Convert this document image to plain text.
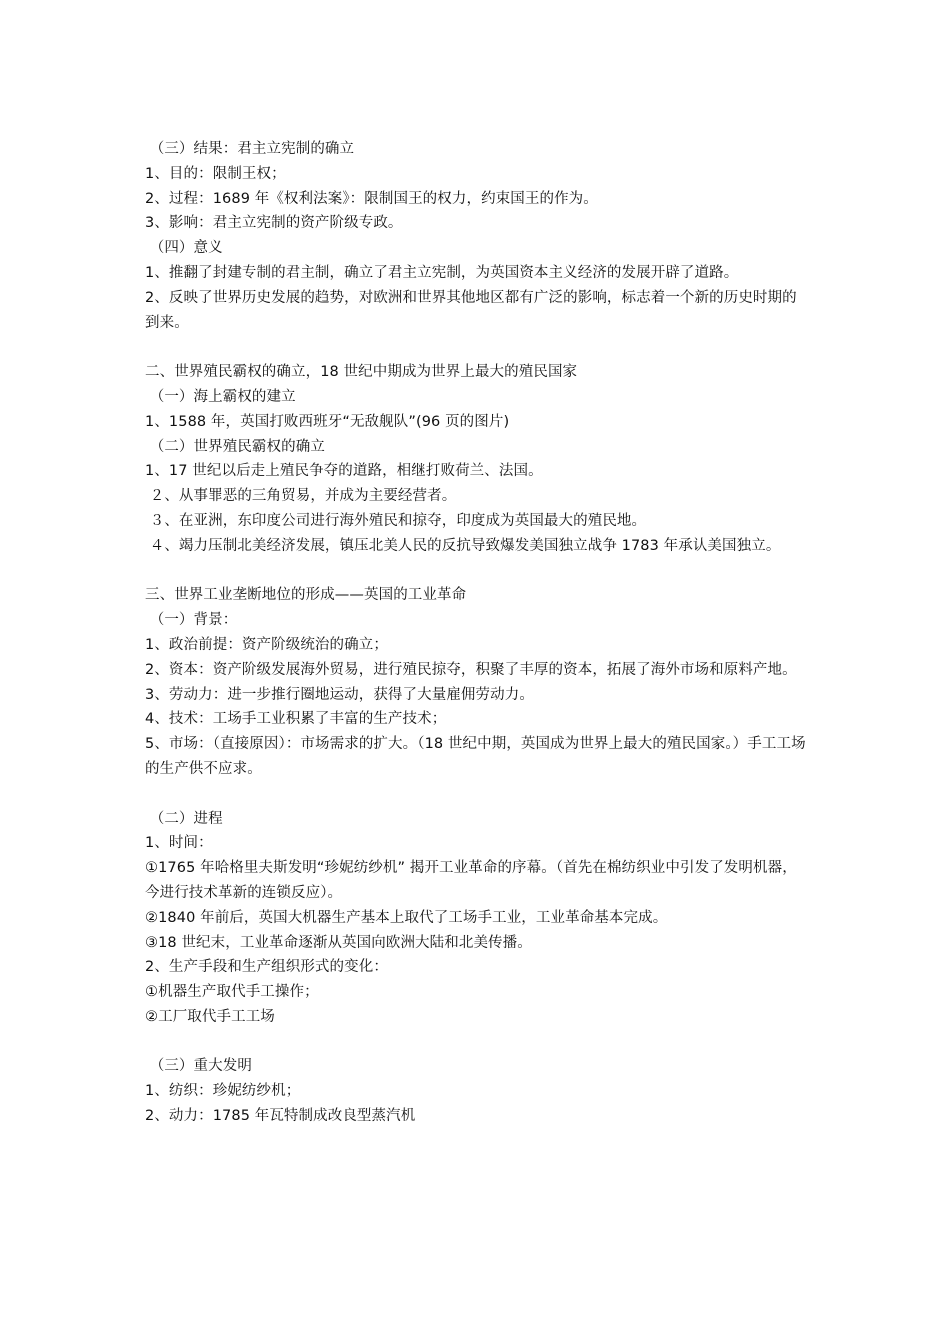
（三）结果：君主立宪制的确立
1、目的：限制王权；
2、过程：1689 年《权利法案》：限制国王的权力，约束国王的作为。
3、影响：君主立宪制的资产阶级专政。
（四）意义
1、推翻了封建专制的君主制，确立了君主立宪制，为英国资本主义经济的发展开辟了道路。
2、反映了世界历史发展的趋势，对欧洲和世界其他地区都有广泛的影响，标志着一个新的历史时期的到来。
二、世界殖民霸权的确立，18 世纪中期成为世界上最大的殖民国家
（一）海上霸权的建立
1、1588 年，英国打败西班牙“无敌舰队”(96 页的图片)
（二）世界殖民霸权的确立
1、17 世纪以后走上殖民争夺的道路，相继打败荷兰、法国。
２、从事罪恶的三角贸易，并成为主要经营者。
３、在亚洲，东印度公司进行海外殖民和掠夺，印度成为英国最大的殖民地。
４、竭力压制北美经济发展，镇压北美人民的反抗导致爆发美国独立战争 1783 年承认美国独立。
三、世界工业垄断地位的形成——英国的工业革命
（一）背景：
1、政治前提：资产阶级统治的确立；
2、资本：资产阶级发展海外贸易，进行殖民掠夺，积聚了丰厚的资本，拓展了海外市场和原料产地。
3、劳动力：进一步推行圈地运动，获得了大量雇佣劳动力。
4、技术：工场手工业积累了丰富的生产技术；
5、市场：（直接原因）：市场需求的扩大。（18 世纪中期，英国成为世界上最大的殖民国家。）手工工场的生产供不应求。
（二）进程
1、时间：
①1765 年哈格里夫斯发明“珍妮纺纱机” 揭开工业革命的序幕。（首先在棉纺织业中引发了发明机器，今进行技术革新的连锁反应）。
②1840 年前后，英国大机器生产基本上取代了工场手工业，工业革命基本完成。
③18 世纪末，工业革命逐渐从英国向欧洲大陆和北美传播。
2、生产手段和生产组织形式的变化：
①机器生产取代手工操作；
②工厂取代手工工场
（三）重大发明
1、纺织：珍妮纺纱机；
2、动力：1785 年瓦特制成改良型蒸汽机
